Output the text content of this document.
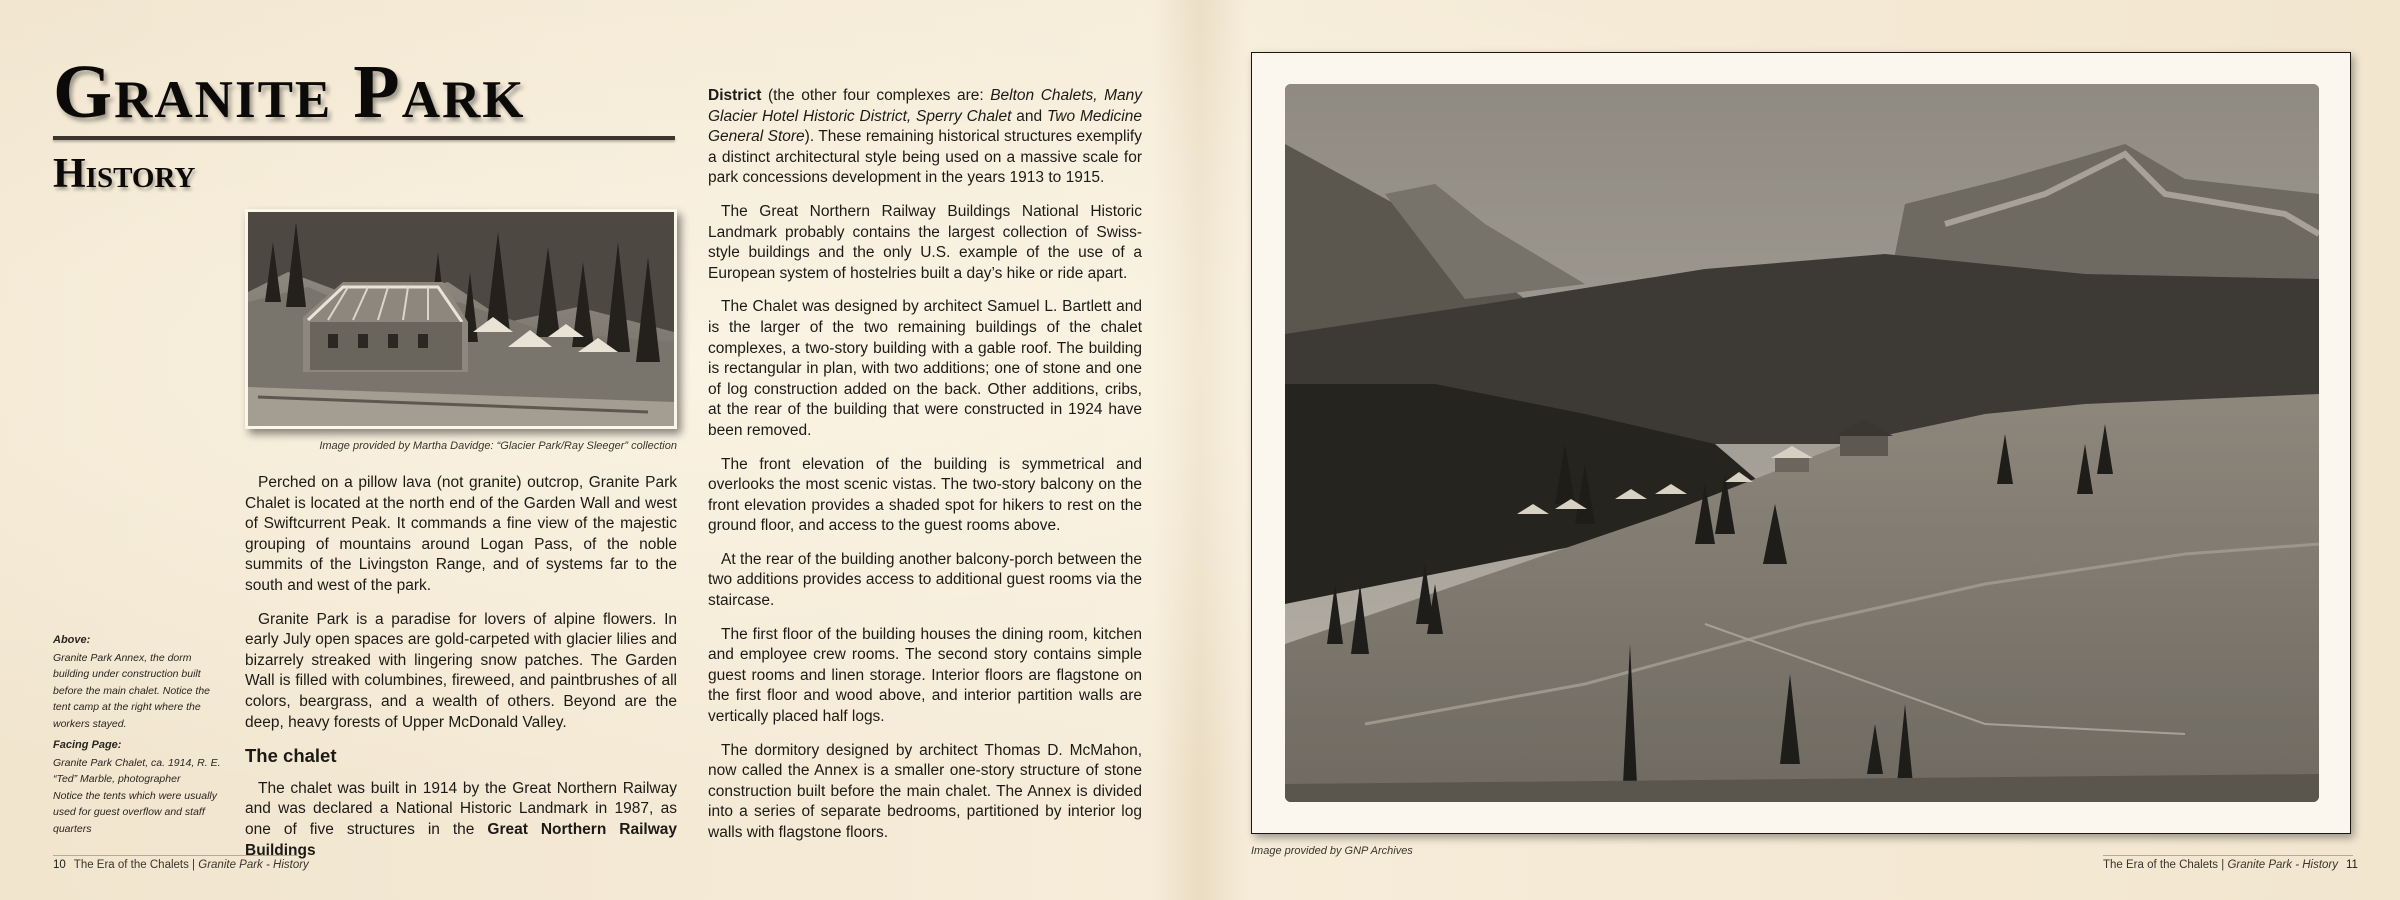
Granite Park
History
Image provided by Martha Davidge: “Glacier Park/Ray Sleeger” collection
Above:
Granite Park Annex, the dorm building under construction built before the main chalet. Notice the tent camp at the right where the workers stayed.
Facing Page:
Granite Park Chalet, ca. 1914, R. E. “Ted” Marble, photographer
Notice the tents which were usually used for guest overflow and staff quarters

Perched on a pillow lava (not granite) outcrop, Granite Park Chalet is located at the north end of the Garden Wall and west of Swiftcurrent Peak. It commands a fine view of the majestic grouping of mountains around Logan Pass, of the noble summits of the Livingston Range, and of systems far to the south and west of the park.

Granite Park is a paradise for lovers of alpine flowers. In early July open spaces are gold-carpeted with glacier lilies and bizarrely streaked with lingering snow patches. The Garden Wall is filled with columbines, fireweed, and paintbrushes of all colors, beargrass, and a wealth of others. Beyond are the deep, heavy forests of Upper McDonald Valley.

The chalet

The chalet was built in 1914 by the Great Northern Railway and was declared a National Historic Landmark in 1987, as one of five structures in the Great Northern Railway Buildings

10 The Era of the Chalets | Granite Park - History

District (the other four complexes are: Belton Chalets, Many Glacier Hotel Historic District, Sperry Chalet and Two Medicine General Store). These remaining historical structures exemplify a distinct architectural style being used on a massive scale for park concessions development in the years 1913 to 1915.

The Great Northern Railway Buildings National Historic Landmark probably contains the largest collection of Swiss-style buildings and the only U.S. example of the use of a European system of hostelries built a day’s hike or ride apart.

The Chalet was designed by architect Samuel L. Bartlett and is the larger of the two remaining buildings of the chalet complexes, a two-story building with a gable roof. The building is rectangular in plan, with two additions; one of stone and one of log construction added on the back. Other additions, cribs, at the rear of the building that were constructed in 1924 have been removed.

The front elevation of the building is symmetrical and overlooks the most scenic vistas. The two-story balcony on the front elevation provides a shaded spot for hikers to rest on the ground floor, and access to the guest rooms above.

At the rear of the building another balcony-porch between the two additions provides access to additional guest rooms via the staircase.

The first floor of the building houses the dining room, kitchen and employee crew rooms. The second story contains simple guest rooms and linen storage. Interior floors are flagstone on the first floor and wood above, and interior partition walls are vertically placed half logs.

The dormitory designed by architect Thomas D. McMahon, now called the Annex is a smaller one-story structure of stone construction built before the main chalet. The Annex is divided into a series of separate bedrooms, partitioned by interior log walls with flagstone floors.

Image provided by GNP Archives
The Era of the Chalets | Granite Park - History 11
